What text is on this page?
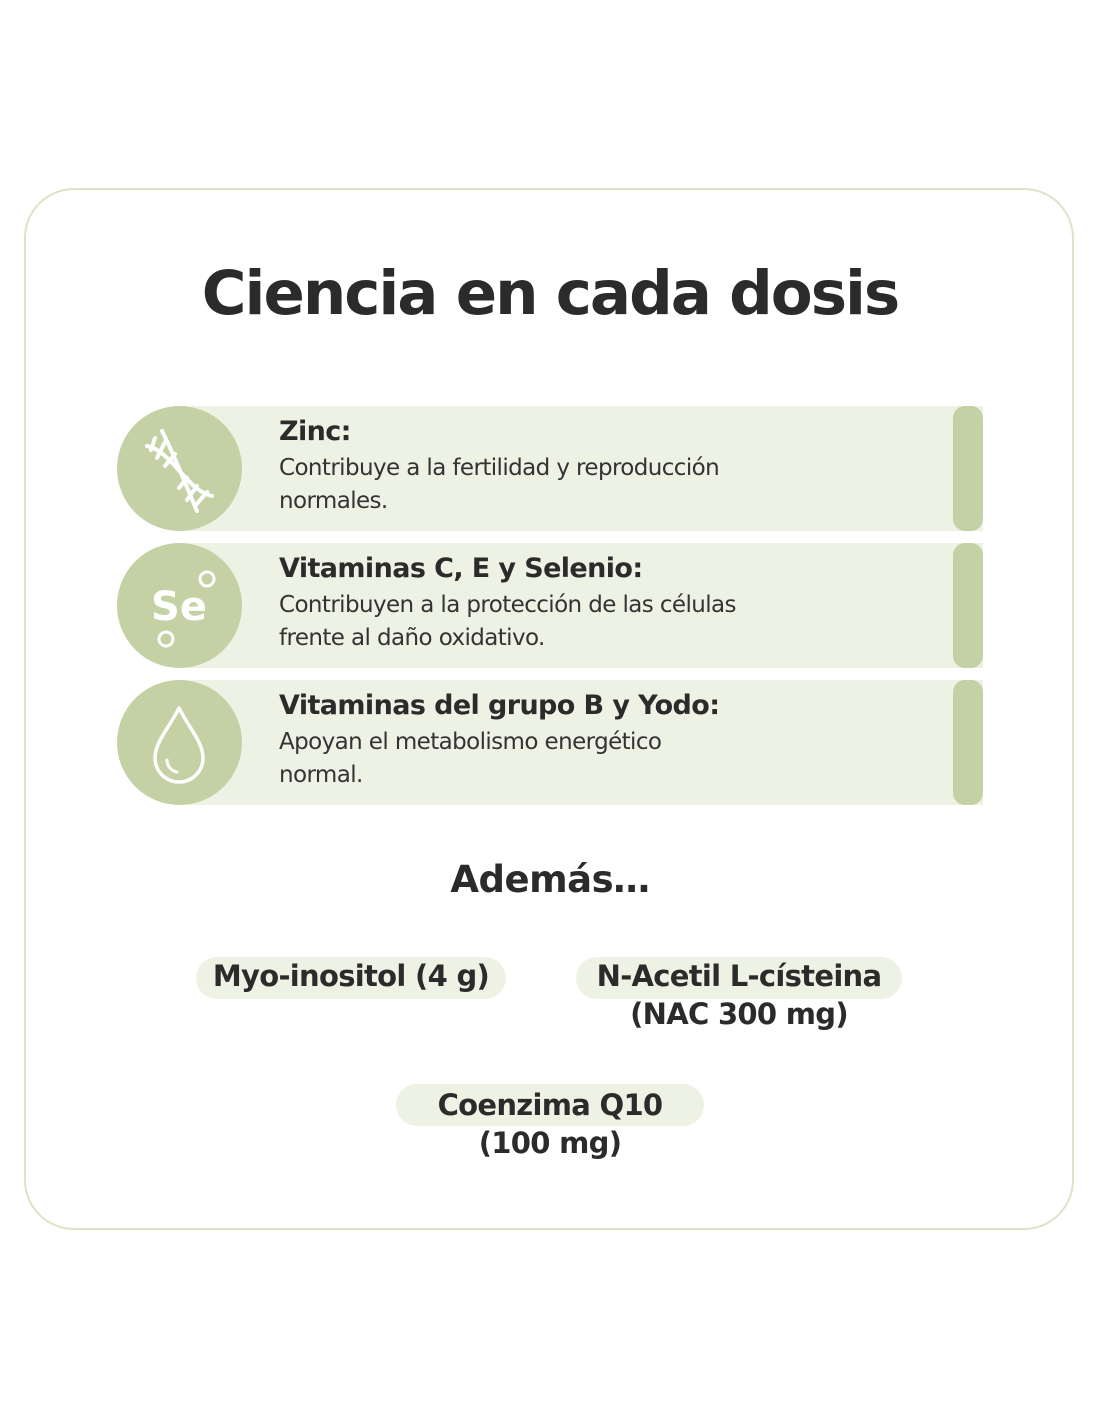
Ciencia en cada dosis
Zinc:
Contribuye a la fertilidad y reproducción
normales.
Se
Vitaminas C, E y Selenio:
Contribuyen a la protección de las células
frente al daño oxidativo.
Vitaminas del grupo B y Yodo:
Apoyan el metabolismo energético
normal.
Además…
Myo-inositol (4 g)	N-Acetil L-císteina
(NAC 300 mg)
Coenzima Q10
(100 mg)
